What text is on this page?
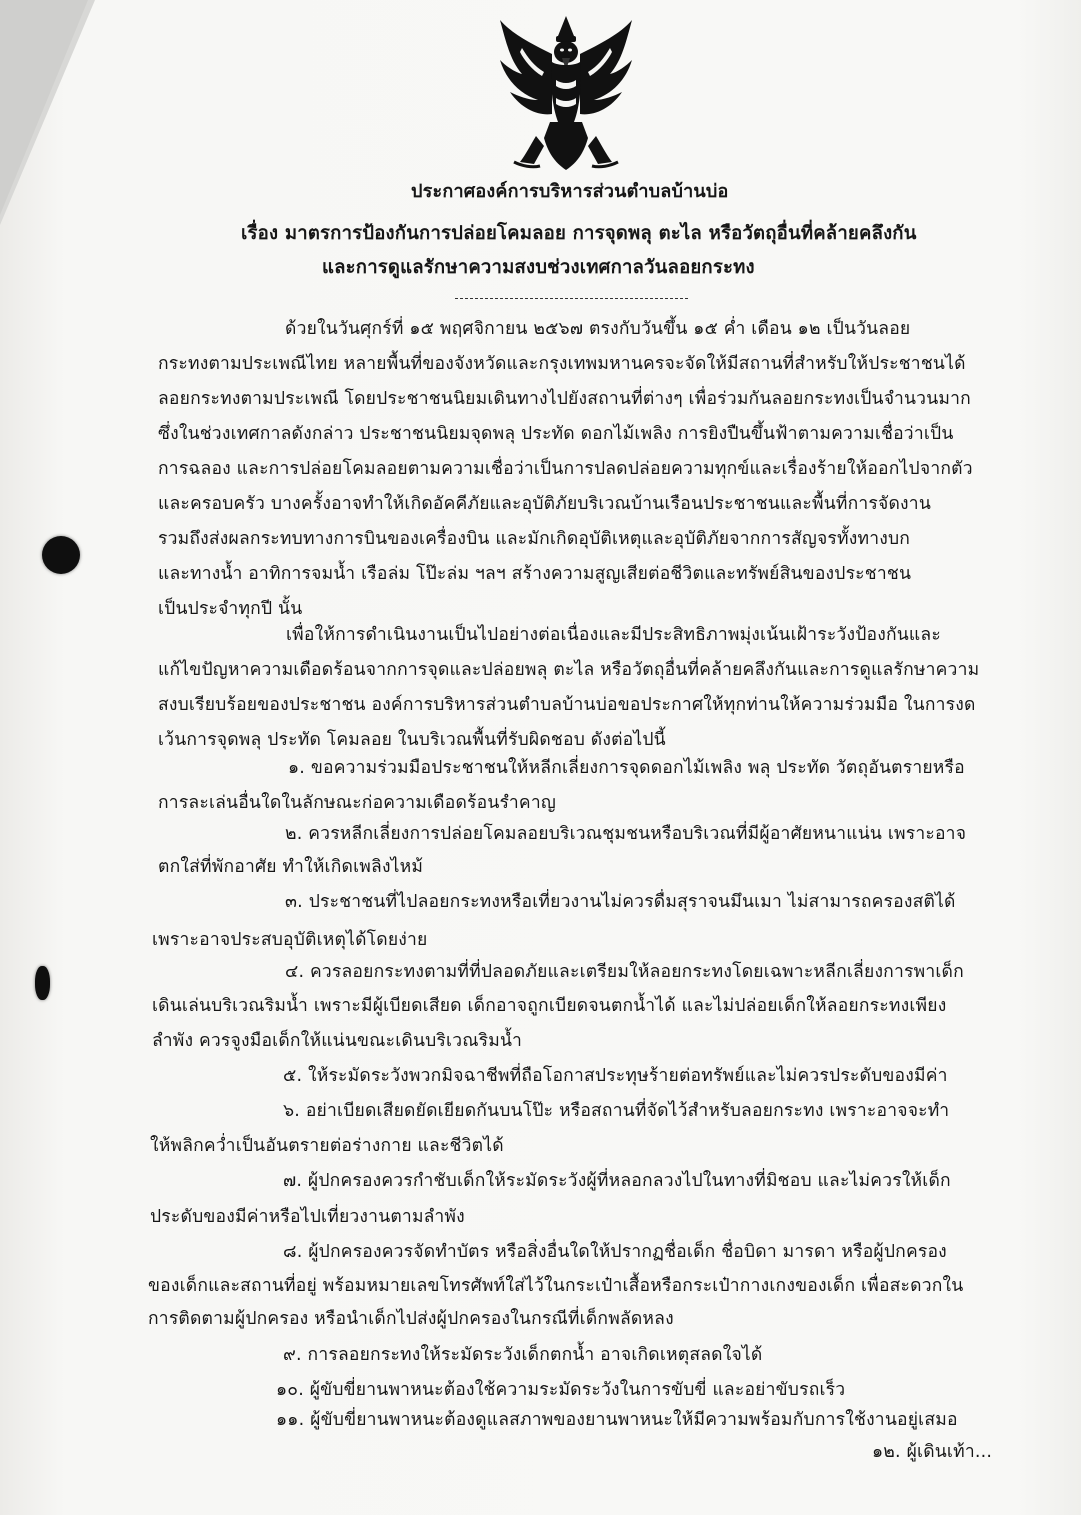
ประกาศองค์การบริหารส่วนตำบลบ้านบ่อ
เรื่อง มาตรการป้องกันการปล่อยโคมลอย การจุดพลุ ตะไล หรือวัตถุอื่นที่คล้ายคลึงกัน
และการดูแลรักษาความสงบช่วงเทศกาลวันลอยกระทง
ด้วยในวันศุกร์ที่ ๑๕ พฤศจิกายน ๒๕๖๗ ตรงกับวันขึ้น ๑๕ ค่ำ เดือน ๑๒ เป็นวันลอย
กระทงตามประเพณีไทย หลายพื้นที่ของจังหวัดและกรุงเทพมหานครจะจัดให้มีสถานที่สำหรับให้ประชาชนได้
ลอยกระทงตามประเพณี โดยประชาชนนิยมเดินทางไปยังสถานที่ต่างๆ เพื่อร่วมกันลอยกระทงเป็นจำนวนมาก
ซึ่งในช่วงเทศกาลดังกล่าว ประชาชนนิยมจุดพลุ ประทัด ดอกไม้เพลิง การยิงปืนขึ้นฟ้าตามความเชื่อว่าเป็น
การฉลอง และการปล่อยโคมลอยตามความเชื่อว่าเป็นการปลดปล่อยความทุกข์และเรื่องร้ายให้ออกไปจากตัว
และครอบครัว บางครั้งอาจทำให้เกิดอัคคีภัยและอุบัติภัยบริเวณบ้านเรือนประชาชนและพื้นที่การจัดงาน
รวมถึงส่งผลกระทบทางการบินของเครื่องบิน และมักเกิดอุบัติเหตุและอุบัติภัยจากการสัญจรทั้งทางบก
และทางน้ำ อาทิการจมน้ำ เรือล่ม โป๊ะล่ม ฯลฯ สร้างความสูญเสียต่อชีวิตและทรัพย์สินของประชาชน
เป็นประจำทุกปี นั้น
เพื่อให้การดำเนินงานเป็นไปอย่างต่อเนื่องและมีประสิทธิภาพมุ่งเน้นเฝ้าระวังป้องกันและ
แก้ไขปัญหาความเดือดร้อนจากการจุดและปล่อยพลุ ตะไล หรือวัตถุอื่นที่คล้ายคลึงกันและการดูแลรักษาความ
สงบเรียบร้อยของประชาชน องค์การบริหารส่วนตำบลบ้านบ่อขอประกาศให้ทุกท่านให้ความร่วมมือ ในการงด
เว้นการจุดพลุ ประทัด โคมลอย ในบริเวณพื้นที่รับผิดชอบ ดังต่อไปนี้
๑. ขอความร่วมมือประชาชนให้หลีกเลี่ยงการจุดดอกไม้เพลิง พลุ ประทัด วัตถุอันตรายหรือ
การละเล่นอื่นใดในลักษณะก่อความเดือดร้อนรำคาญ
๒. ควรหลีกเลี่ยงการปล่อยโคมลอยบริเวณชุมชนหรือบริเวณที่มีผู้อาศัยหนาแน่น เพราะอาจ
ตกใส่ที่พักอาศัย ทำให้เกิดเพลิงไหม้
๓. ประชาชนที่ไปลอยกระทงหรือเที่ยวงานไม่ควรดื่มสุราจนมึนเมา ไม่สามารถครองสติได้
เพราะอาจประสบอุบัติเหตุได้โดยง่าย
๔. ควรลอยกระทงตามที่ที่ปลอดภัยและเตรียมให้ลอยกระทงโดยเฉพาะหลีกเลี่ยงการพาเด็ก
เดินเล่นบริเวณริมน้ำ เพราะมีผู้เบียดเสียด เด็กอาจถูกเบียดจนตกน้ำได้ และไม่ปล่อยเด็กให้ลอยกระทงเพียง
ลำพัง ควรจูงมือเด็กให้แน่นขณะเดินบริเวณริมน้ำ
๕. ให้ระมัดระวังพวกมิจฉาชีพที่ถือโอกาสประทุษร้ายต่อทรัพย์และไม่ควรประดับของมีค่า
๖. อย่าเบียดเสียดยัดเยียดกันบนโป๊ะ หรือสถานที่จัดไว้สำหรับลอยกระทง เพราะอาจจะทำ
ให้พลิกคว่ำเป็นอันตรายต่อร่างกาย และชีวิตได้
๗. ผู้ปกครองควรกำชับเด็กให้ระมัดระวังผู้ที่หลอกลวงไปในทางที่มิชอบ และไม่ควรให้เด็ก
ประดับของมีค่าหรือไปเที่ยวงานตามลำพัง
๘. ผู้ปกครองควรจัดทำบัตร หรือสิ่งอื่นใดให้ปรากฏชื่อเด็ก ชื่อบิดา มารดา หรือผู้ปกครอง
ของเด็กและสถานที่อยู่ พร้อมหมายเลขโทรศัพท์ใส่ไว้ในกระเป๋าเสื้อหรือกระเป๋ากางเกงของเด็ก เพื่อสะดวกใน
การติดตามผู้ปกครอง หรือนำเด็กไปส่งผู้ปกครองในกรณีที่เด็กพลัดหลง
๙. การลอยกระทงให้ระมัดระวังเด็กตกน้ำ อาจเกิดเหตุสลดใจได้
๑๐. ผู้ขับขี่ยานพาหนะต้องใช้ความระมัดระวังในการขับขี่ และอย่าขับรถเร็ว
๑๑. ผู้ขับขี่ยานพาหนะต้องดูแลสภาพของยานพาหนะให้มีความพร้อมกับการใช้งานอยู่เสมอ
๑๒. ผู้เดินเท้า...
